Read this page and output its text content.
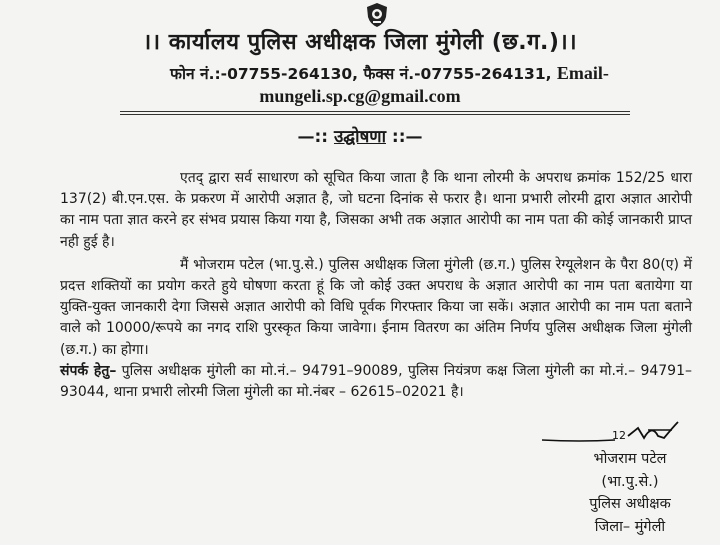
।। कार्यालय पुलिस अधीक्षक जिला मुंगेली (छ.ग.)।।
फोन नं.:-07755-264130, फैक्स नं.-07755-264131, Email-
mungeli.sp.cg@gmail.com
—:: उद्घोषणा ::—

एतद् द्वारा सर्व साधारण को सूचित किया जाता है कि थाना लोरमी के अपराध क्रमांक 152/25 धारा 137(2) बी.एन.एस. के प्रकरण में आरोपी अज्ञात है, जो घटना दिनांक से फरार है। थाना प्रभारी लोरमी द्वारा अज्ञात आरोपी का नाम पता ज्ञात करने हर संभव प्रयास किया गया है, जिसका अभी तक अज्ञात आरोपी का नाम पता की कोई जानकारी प्राप्त नही हुई है।

मैं भोजराम पटेल (भा.पु.से.) पुलिस अधीक्षक जिला मुंगेली (छ.ग.) पुलिस रेग्यूलेशन के पैरा 80(ए) में प्रदत्त शक्तियों का प्रयोग करते हुये घोषणा करता हूं कि जो कोई उक्त अपराध के अज्ञात आरोपी का नाम पता बतायेगा या युक्ति-युक्त जानकारी देगा जिससे अज्ञात आरोपी को विधि पूर्वक गिरफ्तार किया जा सकें। अज्ञात आरोपी का नाम पता बताने वाले को 10000/रूपये का नगद राशि पुरस्कृत किया जावेगा। ईनाम वितरण का अंतिम निर्णय पुलिस अधीक्षक जिला मुंगेली (छ.ग.) का होगा।

संपर्क हेतु– पुलिस अधीक्षक मुंगेली का मो.नं.– 94791–90089, पुलिस नियंत्रण कक्ष जिला मुंगेली का मो.नं.– 94791–93044, थाना प्रभारी लोरमी जिला मुंगेली का मो.नंबर – 62615–02021 है।

12
भोजराम पटेल
(भा.पु.से.)
पुलिस अधीक्षक
जिला– मुंगेली
